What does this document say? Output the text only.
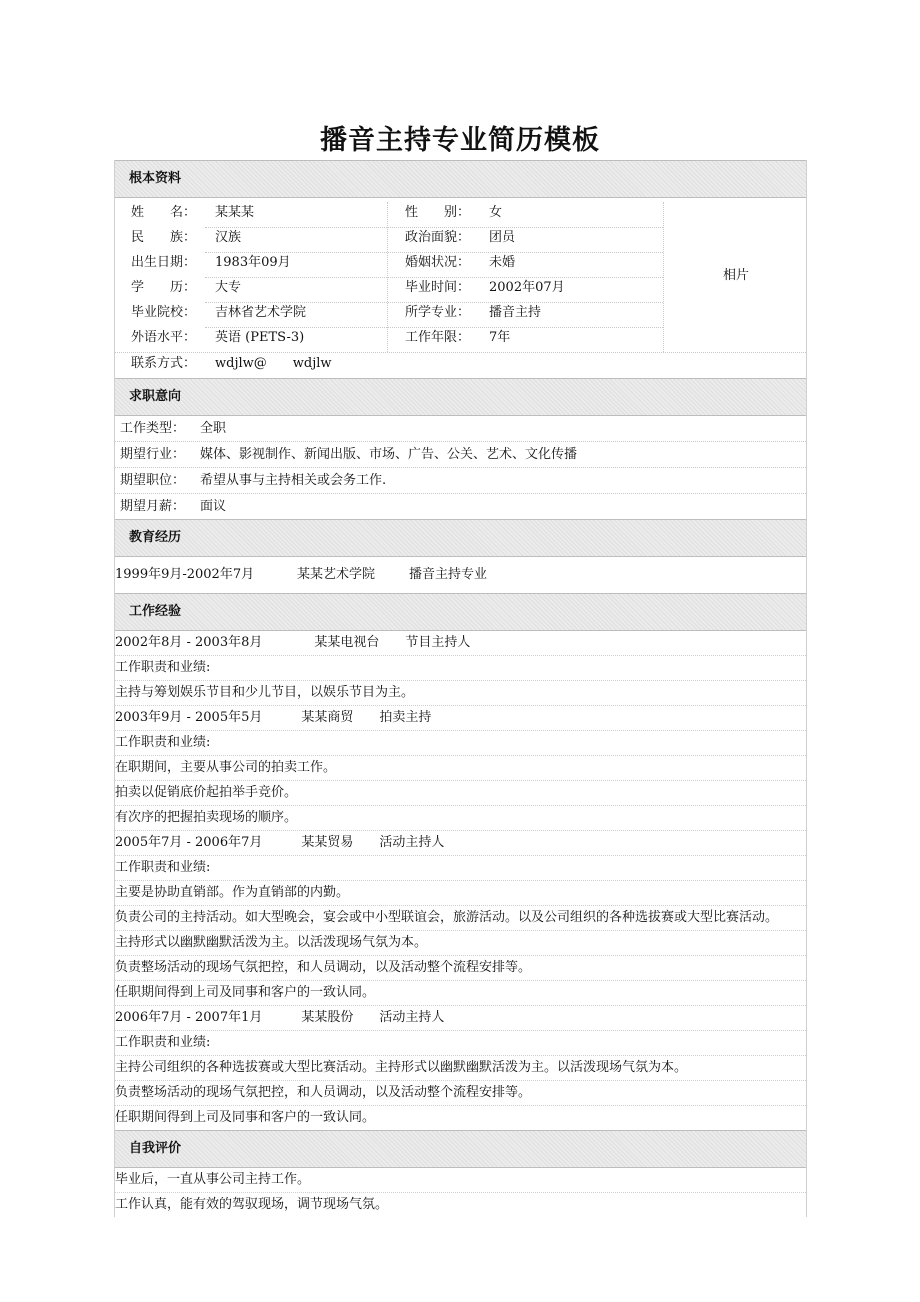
播音主持专业简历模板
根本资料
姓　　名：	某某某	性　　别：	女
民　　族：	汉族	政治面貌：	团员
出生日期：	1983年09月	婚姻状况：	未婚
学　　历：	大专	毕业时间：	2002年07月
毕业院校：	吉林省艺术学院	所学专业：	播音主持
外语水平：	英语 (PETS-3)	工作年限：	7年
联系方式：	wdjlw@　　wdjlw
相片
求职意向
工作类型： 全职
期望行业： 媒体、影视制作、新闻出版、市场、广告、公关、艺术、文化传播
期望职位： 希望从事与主持相关或会务工作.
期望月薪： 面议
教育经历
1999年9月-2002年7月	某某艺术学院	播音主持专业
工作经验
2002年8月 - 2003年8月　　　　某某电视台　　节目主持人
工作职责和业绩:
主持与筹划娱乐节目和少儿节目，以娱乐节目为主。
2003年9月 - 2005年5月　　　某某商贸　　拍卖主持
工作职责和业绩:
在职期间，主要从事公司的拍卖工作。
拍卖以促销底价起拍举手竞价。
有次序的把握拍卖现场的顺序。
2005年7月 - 2006年7月　　　某某贸易　　活动主持人
工作职责和业绩:
主要是协助直销部。作为直销部的内勤。
负责公司的主持活动。如大型晚会，宴会或中小型联谊会，旅游活动。以及公司组织的各种选拔赛或大型比赛活动。
主持形式以幽默幽默活泼为主。以活泼现场气氛为本。
负责整场活动的现场气氛把控，和人员调动，以及活动整个流程安排等。
任职期间得到上司及同事和客户的一致认同。
2006年7月 - 2007年1月　　　某某股份　　活动主持人
工作职责和业绩:
主持公司组织的各种选拔赛或大型比赛活动。主持形式以幽默幽默活泼为主。以活泼现场气氛为本。
负责整场活动的现场气氛把控，和人员调动，以及活动整个流程安排等。
任职期间得到上司及同事和客户的一致认同。
自我评价
毕业后，一直从事公司主持工作。
工作认真，能有效的驾驭现场，调节现场气氛。
